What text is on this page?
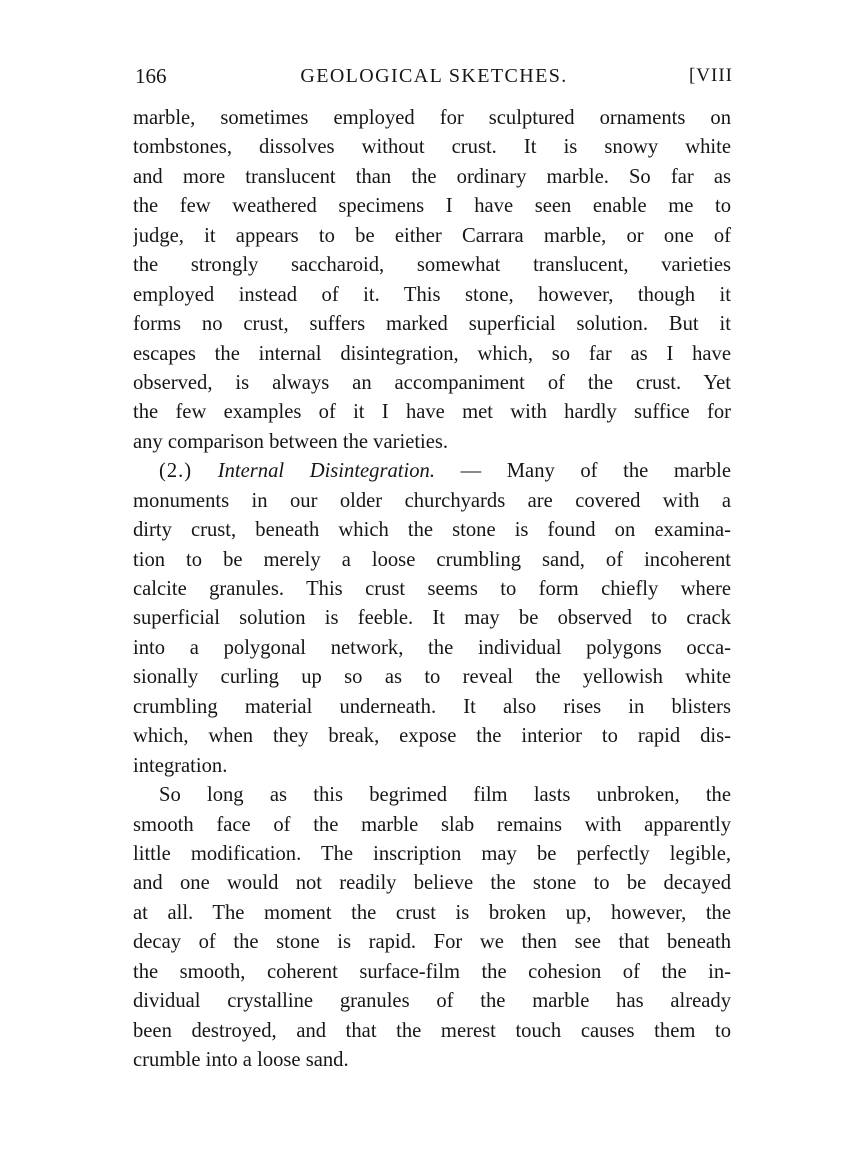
166	GEOLOGICAL SKETCHES.	[VIII
marble, sometimes employed for sculptured ornaments on
tombstones, dissolves without crust. It is snowy white
and more translucent than the ordinary marble. So far as
the few weathered specimens I have seen enable me to
judge, it appears to be either Carrara marble, or one of
the strongly saccharoid, somewhat translucent, varieties
employed instead of it. This stone, however, though it
forms no crust, suffers marked superficial solution. But it
escapes the internal disintegration, which, so far as I have
observed, is always an accompaniment of the crust. Yet
the few examples of it I have met with hardly suffice for
any comparison between the varieties.
(2.) Internal Disintegration. — Many of the marble
monuments in our older churchyards are covered with a
dirty crust, beneath which the stone is found on examina-
tion to be merely a loose crumbling sand, of incoherent
calcite granules. This crust seems to form chiefly where
superficial solution is feeble. It may be observed to crack
into a polygonal network, the individual polygons occa-
sionally curling up so as to reveal the yellowish white
crumbling material underneath. It also rises in blisters
which, when they break, expose the interior to rapid dis-
integration.
So long as this begrimed film lasts unbroken, the
smooth face of the marble slab remains with apparently
little modification. The inscription may be perfectly legible,
and one would not readily believe the stone to be decayed
at all. The moment the crust is broken up, however, the
decay of the stone is rapid. For we then see that beneath
the smooth, coherent surface-film the cohesion of the in-
dividual crystalline granules of the marble has already
been destroyed, and that the merest touch causes them to
crumble into a loose sand.
